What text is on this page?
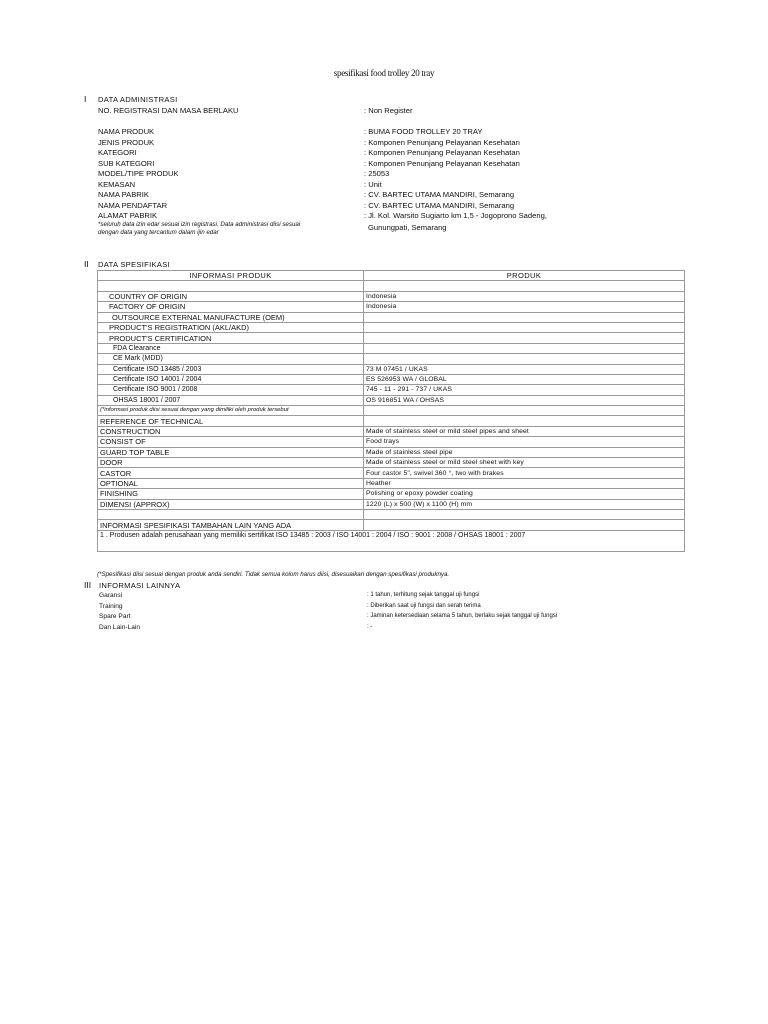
spesifikasi food trolley 20 tray
I DATA ADMINISTRASI
NO. REGISTRASI DAN MASA BERLAKU	: Non Register
NAMA PRODUK	: BUMA FOOD TROLLEY 20 TRAY
JENIS PRODUK	: Komponen Penunjang Pelayanan Kesehatan
KATEGORI	: Komponen Penunjang Pelayanan Kesehatan
SUB KATEGORI	: Komponen Penunjang Pelayanan Kesehatan
MODEL/TIPE PRODUK	: 25053
KEMASAN	: Unit
NAMA PABRIK	: CV. BARTEC UTAMA MANDIRI, Semarang
NAMA PENDAFTAR	: CV. BARTEC UTAMA MANDIRI, Semarang
ALAMAT PABRIK	: Jl. Kol. Warsito Sugiarto km 1,5 - Jogoprono Sadeng,
Gunungpati, Semarang
*seluruh data izin edar sesuai izin registrasi. Data administrasi diisi sesuai
dengan data yang tercantum dalam ijin edar
II DATA SPESIFIKASI
INFORMASI PRODUK	PRODUK

COUNTRY OF ORIGIN	Indonesia
FACTORY OF ORIGIN	Indonesia
OUTSOURCE EXTERNAL MANUFACTURE (OEM)	
PRODUCT'S REGISTRATION (AKL/AKD)	
PRODUCT'S CERTIFICATION	
FDA Clearance	
CE Mark (MDD)	
Certificate ISO 13485 / 2003	73 M 07451 / UKAS
Certificate ISO 14001 / 2004	ES 526953 WA / GLOBAL
Certificate ISO 9001 / 2008	745 - 11 - 291 - 737 / UKAS
OHSAS 18001 / 2007	OS 916851 WA / OHSAS
(*informasi produk diisi sesuai dengan yang dimiliki oleh produk tersebut	
REFERENCE OF TECHNICAL	
CONSTRUCTION	Made of stainless steel or mild steel pipes and sheet
CONSIST OF	Food trays
GUARD TOP TABLE	Made of stainless steel pipe
DOOR	Made of stainless steel or mild steel sheet with key
CASTOR	Four castor 5", swivel 360 °, two with brakes
OPTIONAL	Heather
FINISHING	Polishing or epoxy powder coating
DIMENSI (APPROX)	1220 (L) x 500 (W) x 1100 (H) mm

INFORMASI SPESIFIKASI TAMBAHAN LAIN YANG ADA	
1 . Produsen adalah perusahaan yang memiliki sertifikat ISO 13485 : 2003 / ISO 14001 : 2004 / ISO : 9001 : 2008 / OHSAS 18001 : 2007	
(*Spesifikasi diisi sesuai dengan produk anda sendiri. Tidak semua kolom harus diisi, disesuaikan dengan spesifikasi produknya.
III INFORMASI LAINNYA
Garansi	: 1 tahun, terhitung sejak tanggal uji fungsi
Training	: Diberikan saat uji fungsi dan serah terima
Spare Part	: Jaminan ketersediaan selama 5 tahun, berlaku sejak tanggal uji fungsi
Dan Lain-Lain	: -
